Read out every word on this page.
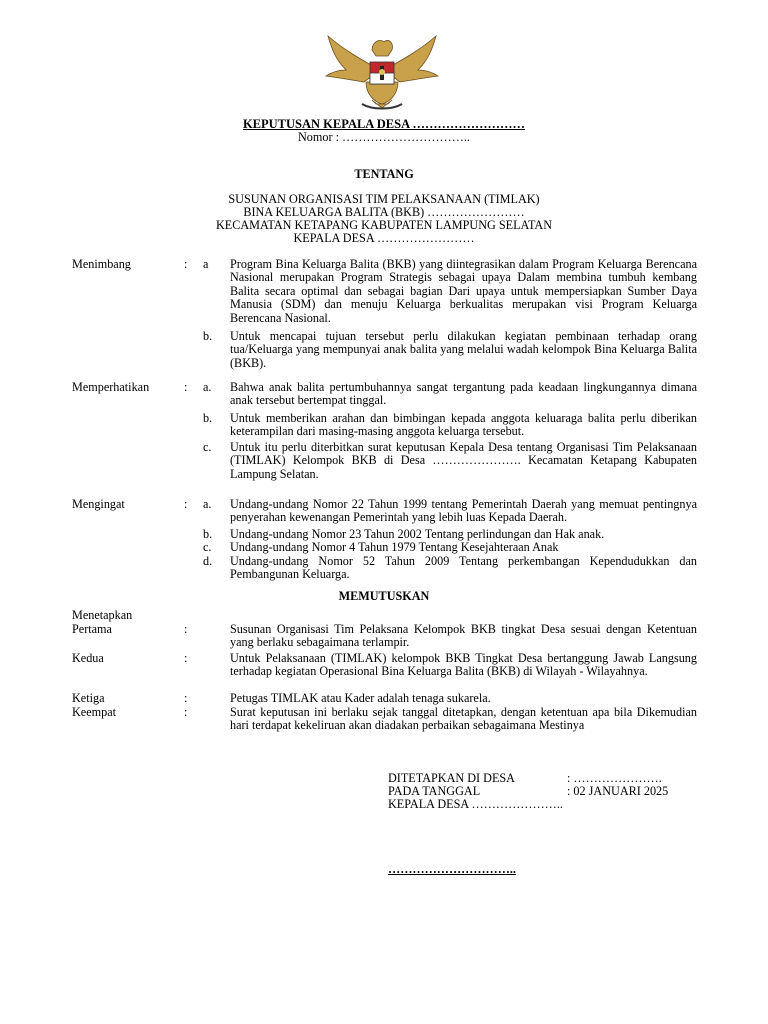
KEPUTUSAN KEPALA DESA ………………………
Nomor : …………………………..
TENTANG
SUSUNAN ORGANISASI TIM PELAKSANAAN (TIMLAK)
BINA KELUARGA BALITA (BKB) ……………………
KECAMATAN KETAPANG KABUPATEN LAMPUNG SELATAN
KEPALA DESA ……………………
Menimbang	: a Program Bina Keluarga Balita (BKB) yang diintegrasikan dalam Program Keluarga Berencana Nasional merupakan Program Strategis sebagai upaya Dalam membina tumbuh kembang Balita secara optimal dan sebagai bagian Dari upaya untuk mempersiapkan Sumber Daya Manusia (SDM) dan menuju Keluarga berkualitas merupakan visi Program Keluarga Berencana Nasional.
b. Untuk mencapai tujuan tersebut perlu dilakukan kegiatan pembinaan terhadap orang tua/Keluarga yang mempunyai anak balita yang melalui wadah kelompok Bina Keluarga Balita (BKB).
Memperhatikan	: a. Bahwa anak balita pertumbuhannya sangat tergantung pada keadaan lingkungannya dimana anak tersebut bertempat tinggal.
b. Untuk memberikan arahan dan bimbingan kepada anggota keluaraga balita perlu diberikan keterampilan dari masing-masing anggota keluarga tersebut.
c. Untuk itu perlu diterbitkan surat keputusan Kepala Desa tentang Organisasi Tim Pelaksanaan (TIMLAK) Kelompok BKB di Desa …………………. Kecamatan Ketapang Kabupaten Lampung Selatan.
Mengingat	: a. Undang-undang Nomor 22 Tahun 1999 tentang Pemerintah Daerah yang memuat pentingnya penyerahan kewenangan Pemerintah yang lebih luas Kepada Daerah.
b. Undang-undang Nomor 23 Tahun 2002 Tentang perlindungan dan Hak anak.
c. Undang-undang Nomor 4 Tahun 1979 Tentang Kesejahteraan Anak
d. Undang-undang Nomor 52 Tahun 2009 Tentang perkembangan Kependudukkan dan Pembangunan Keluarga.
MEMUTUSKAN
Menetapkan
Pertama	:	Susunan Organisasi Tim Pelaksana Kelompok BKB tingkat Desa sesuai dengan Ketentuan yang berlaku sebagaimana terlampir.
Kedua	:	Untuk Pelaksanaan (TIMLAK) kelompok BKB Tingkat Desa bertanggung Jawab Langsung terhadap kegiatan Operasional Bina Keluarga Balita (BKB) di Wilayah - Wilayahnya.
Ketiga	:	Petugas TIMLAK atau Kader adalah tenaga sukarela.
Keempat	:	Surat keputusan ini berlaku sejak tanggal ditetapkan, dengan ketentuan apa bila Dikemudian hari terdapat kekeliruan akan diadakan perbaikan sebagaimana Mestinya
DITETAPKAN DI DESA	: ………………….
PADA TANGGAL	: 02 JANUARI 2025
KEPALA DESA …………………..
…………………………..
